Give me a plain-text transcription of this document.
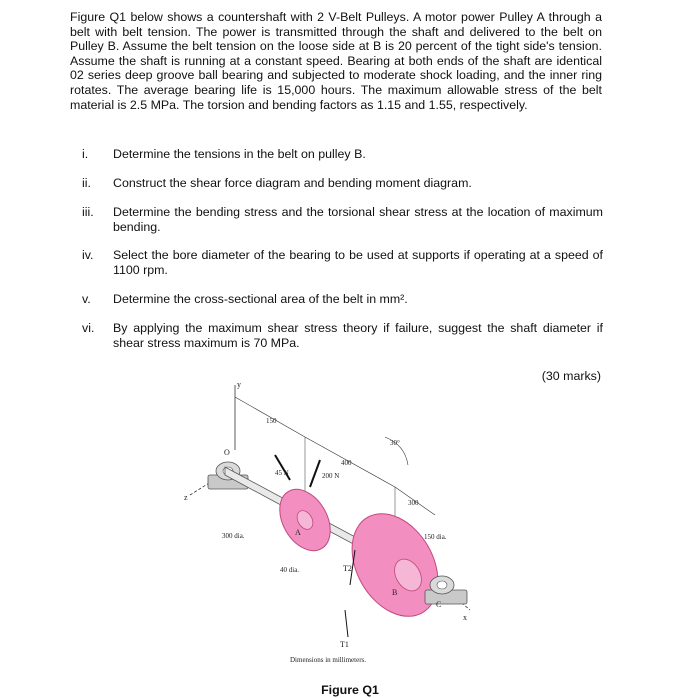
Figure Q1 below shows a countershaft with 2 V-Belt Pulleys. A motor power Pulley A through a belt with belt tension. The power is transmitted through the shaft and delivered to the belt on Pulley B. Assume the belt tension on the loose side at B is 20 percent of the tight side's tension. Assume the shaft is running at a constant speed. Bearing at both ends of the shaft are identical 02 series deep groove ball bearing and subjected to moderate shock loading, and the inner ring rotates. The average bearing life is 15,000 hours. The maximum allowable stress of the belt material is 2.5 MPa. The torsion and bending factors as 1.15 and 1.55, respectively.

i. Determine the tensions in the belt on pulley B.
ii. Construct the shear force diagram and bending moment diagram.
iii. Determine the bending stress and the torsional shear stress at the location of maximum bending.
iv. Select the bore diameter of the bearing to be used at supports if operating at a speed of 1100 rpm.
v. Determine the cross-sectional area of the belt in mm².
vi. By applying the maximum shear stress theory if failure, suggest the shaft diameter if shear stress maximum is 70 MPa.
(30 marks)
y
z
x
O
C
A
B
T2
T1
150
400
300
45 N	200 N
30°
300 dia.	150 dia.
40 dia.
Dimensions in millimeters.
Figure Q1
